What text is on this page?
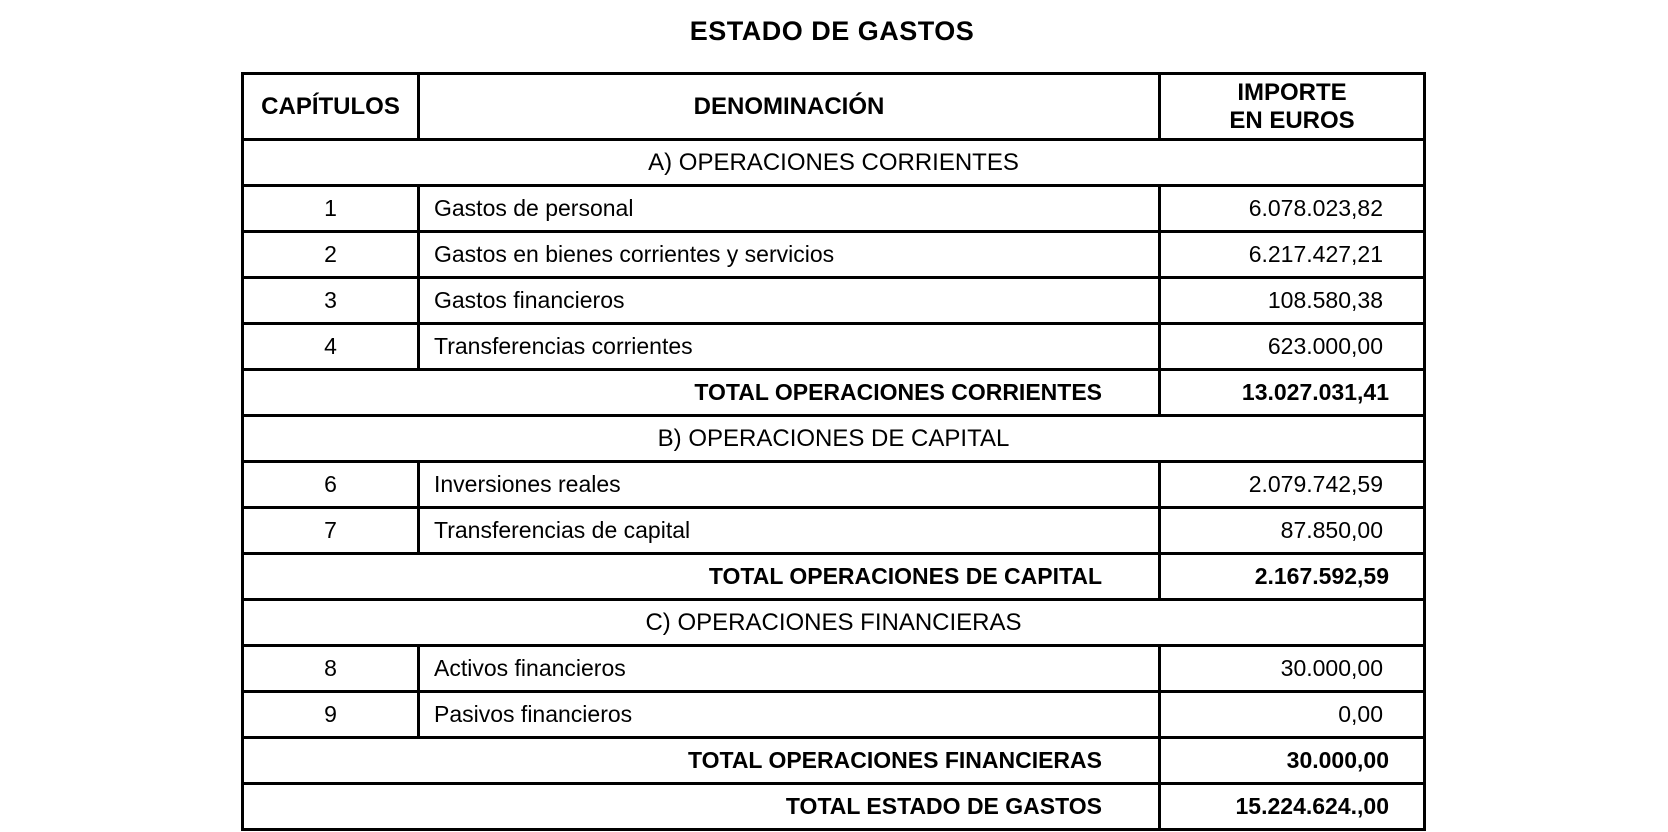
ESTADO DE GASTOS
CAPÍTULOS	DENOMINACIÓN	IMPORTE
EN EUROS
A) OPERACIONES CORRIENTES		
1	Gastos de personal	6.078.023,82
2	Gastos en bienes corrientes y servicios	6.217.427,21
3	Gastos financieros	108.580,38
4	Transferencias corrientes	623.000,00
TOTAL OPERACIONES CORRIENTES		13.027.031,41
B) OPERACIONES DE CAPITAL		
6	Inversiones reales	2.079.742,59
7	Transferencias de capital	87.850,00
TOTAL OPERACIONES DE CAPITAL		2.167.592,59
C) OPERACIONES FINANCIERAS		
8	Activos financieros	30.000,00
9	Pasivos financieros	0,00
TOTAL OPERACIONES FINANCIERAS		30.000,00
TOTAL ESTADO DE GASTOS		15.224.624.,00
